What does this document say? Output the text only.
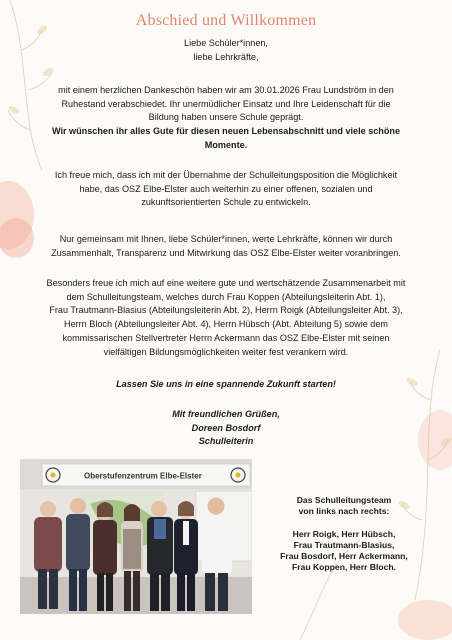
Abschied und Willkommen

Liebe Schüler*innen,

liebe Lehrkräfte,

mit einem herzlichen Dankeschön haben wir am 30.01.2026 Frau Lundström in den

Ruhestand verabschiedet. Ihr unermüdlicher Einsatz und Ihre Leidenschaft für die

Bildung haben unsere Schule geprägt.

Wir wünschen ihr alles Gute für diesen neuen Lebensabschnitt und viele schöne

Momente.

Ich freue mich, dass ich mit der Übernahme der Schulleitungsposition die Möglichkeit

habe, das OSZ Elbe-Elster auch weiterhin zu einer offenen, sozialen und

zukunftsorientierten Schule zu entwickeln.

Nur gemeinsam mit Ihnen, liebe Schüler*innen, werte Lehrkräfte, können wir durch

Zusammenhalt, Transparenz und Mitwirkung das OSZ Elbe-Elster weiter voranbringen.

Besonders freue ich mich auf eine weitere gute und wertschätzende Zusammenarbeit mit

dem Schulleitungsteam, welches durch Frau Koppen (Abteilungsleiterin Abt. 1),

Frau Trautmann-Blasius (Abteilungsleiterin Abt. 2), Herrn Roigk (Abteilungsleiter Abt. 3),

Herrn Bloch (Abteilungsleiter Abt. 4), Herrn Hübsch (Abt. Abteilung 5) sowie dem

kommissarischen Stellvertreter Herrn Ackermann das OSZ Elbe-Elster mit seinen

vielfältigen Bildungsmöglichkeiten weiter fest verankern wird.

Lassen Sie uns in eine spannende Zukunft starten!

Mit freundlichen Grüßen,

Doreen Bosdorf

Schulleiterin

Oberstufenzentrum Elbe-Elster
Das Schulleitungsteam
von links nach rechts:
Herr Roigk, Herr Hübsch,
Frau Trautmann-Blasius,
Frau Bosdorf, Herr Ackermann,
Frau Koppen, Herr Bloch.
